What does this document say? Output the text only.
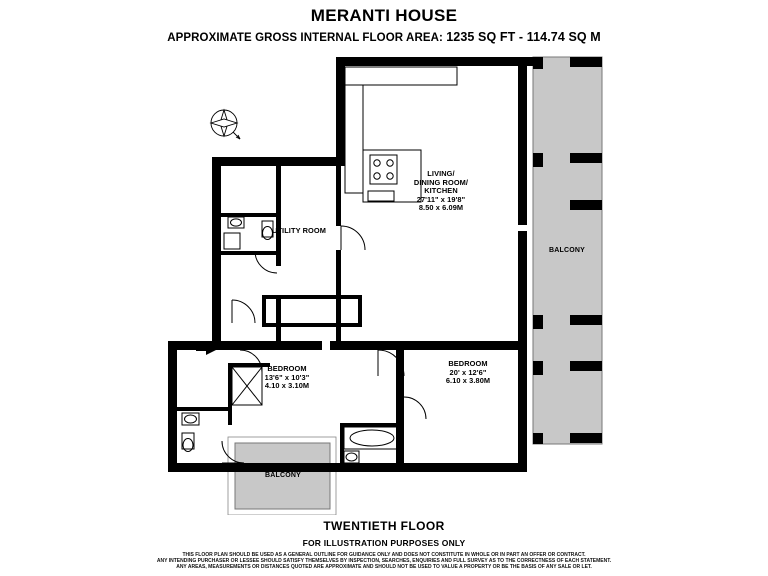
MERANTI HOUSE
APPROXIMATE GROSS INTERNAL FLOOR AREA: 1235 SQ FT - 114.74 SQ M
LIVING/
DINING ROOM/
KITCHEN
27'11" x 19'8"
8.50 x 6.09M
UTILITY ROOM
BEDROOM
20' x 12'6"
6.10 x 3.80M
BEDROOM
13'6" x 10'3"
4.10 x 3.10M
BALCONY
BALCONY
TWENTIETH FLOOR
FOR ILLUSTRATION PURPOSES ONLY
THIS FLOOR PLAN SHOULD BE USED AS A GENERAL OUTLINE FOR GUIDANCE ONLY AND DOES NOT CONSTITUTE IN WHOLE OR IN PART AN OFFER OR CONTRACT.
ANY INTENDING PURCHASER OR LESSEE SHOULD SATISFY THEMSELVES BY INSPECTION, SEARCHES, ENQUIRIES AND FULL SURVEY AS TO THE CORRECTNESS OF EACH STATEMENT.
ANY AREAS, MEASUREMENTS OR DISTANCES QUOTED ARE APPROXIMATE AND SHOULD NOT BE USED TO VALUE A PROPERTY OR BE THE BASIS OF ANY SALE OR LET.
